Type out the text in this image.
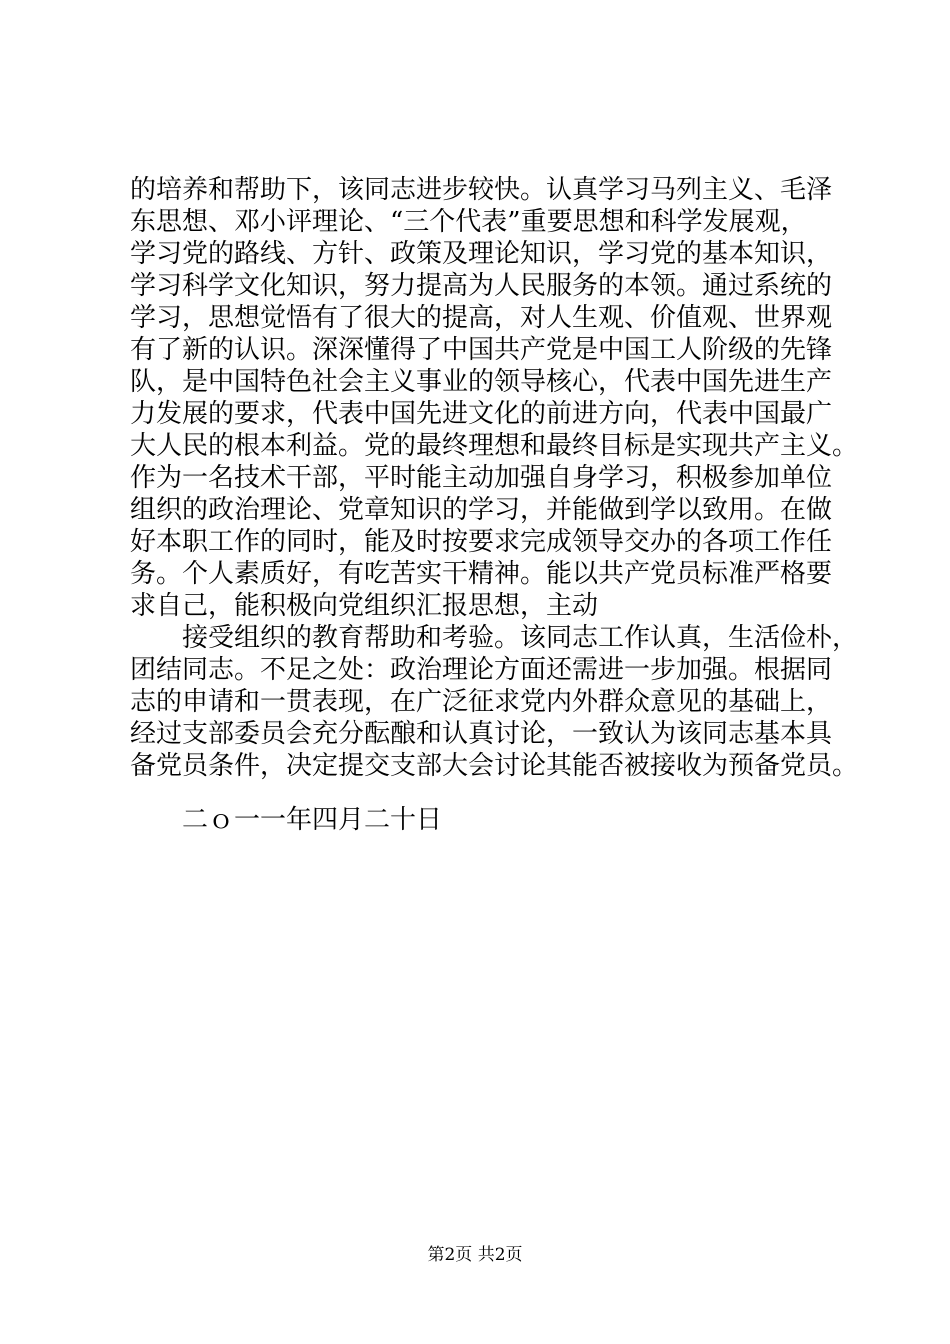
的培养和帮助下，该同志进步较快。认真学习马列主义、毛泽
东思想、邓小评理论、“三个代表”重要思想和科学发展观，
学习党的路线、方针、政策及理论知识，学习党的基本知识，
学习科学文化知识，努力提高为人民服务的本领。通过系统的
学习，思想觉悟有了很大的提高，对人生观、价值观、世界观
有了新的认识。深深懂得了中国共产党是中国工人阶级的先锋
队，是中国特色社会主义事业的领导核心，代表中国先进生产
力发展的要求，代表中国先进文化的前进方向，代表中国最广
大人民的根本利益。党的最终理想和最终目标是实现共产主义。
作为一名技术干部，平时能主动加强自身学习，积极参加单位
组织的政治理论、党章知识的学习，并能做到学以致用。在做
好本职工作的同时，能及时按要求完成领导交办的各项工作任
务。个人素质好，有吃苦实干精神。能以共产党员标准严格要
求自己，能积极向党组织汇报思想，主动
接受组织的教育帮助和考验。该同志工作认真，生活俭朴，
团结同志。不足之处：政治理论方面还需进一步加强。根据同
志的申请和一贯表现，在广泛征求党内外群众意见的基础上，
经过支部委员会充分酝酿和认真讨论，一致认为该同志基本具
备党员条件，决定提交支部大会讨论其能否被接收为预备党员。
二ｏ一一年四月二十日
第2页 共2页
